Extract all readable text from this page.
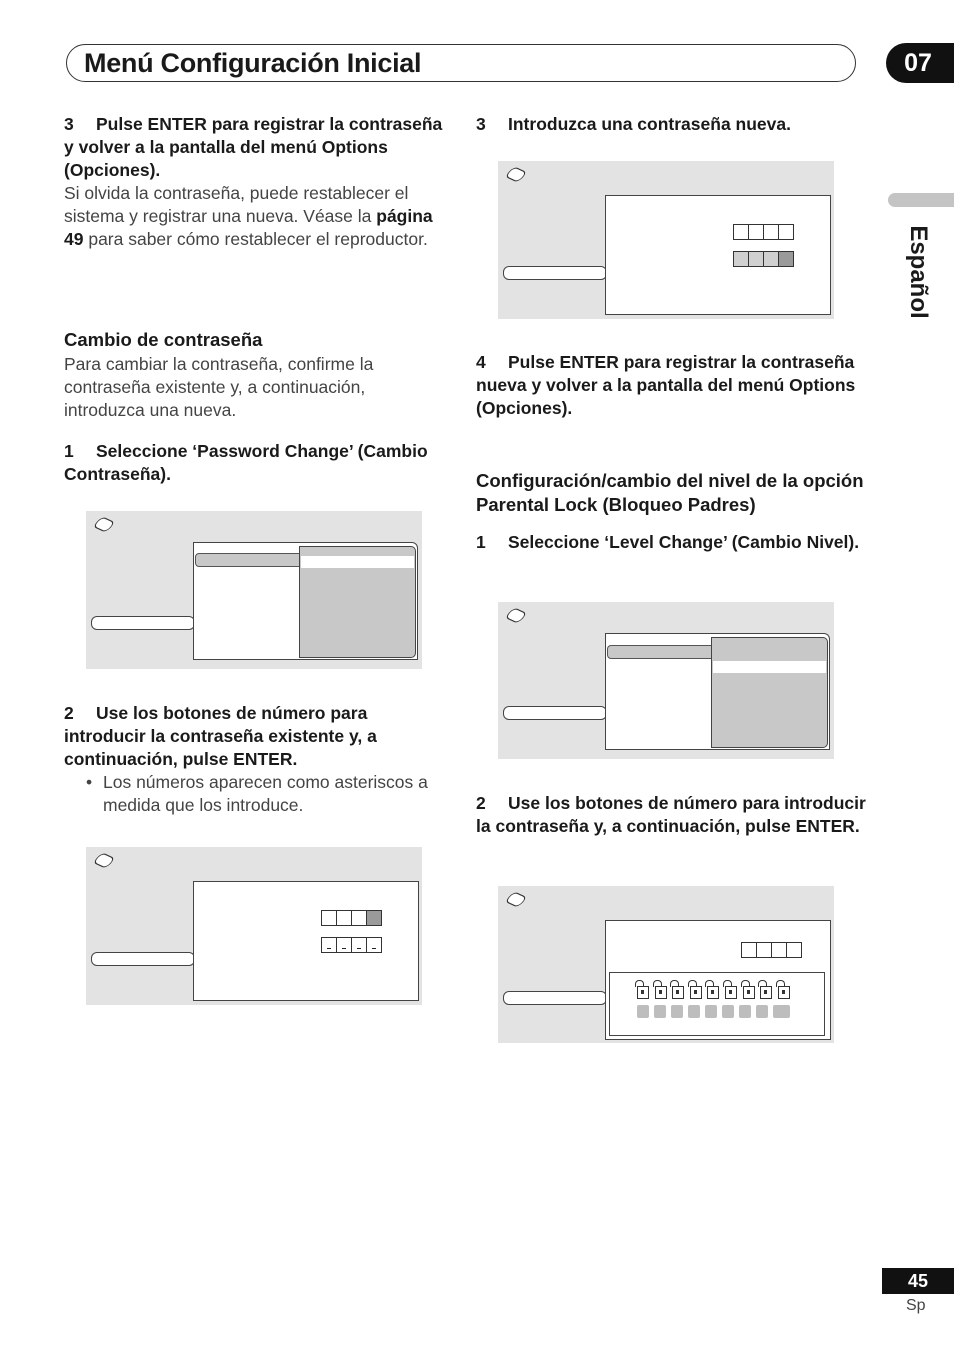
Menú Configuración Inicial	07
Español
3 Pulse ENTER para registrar la contraseña y volver a la pantalla del menú Options (Opciones).
Si olvida la contraseña, puede restablecer el sistema y registrar una nueva. Véase la página 49 para saber cómo restablecer el reproductor.
Cambio de contraseña
Para cambiar la contraseña, confirme la contraseña existente y, a continuación, introduzca una nueva.
1 Seleccione ‘Password Change’ (Cambio Contraseña).
2 Use los botones de número para introducir la contraseña existente y, a continuación, pulse ENTER.
• Los números aparecen como asteriscos a medida que los introduce.
3 Introduzca una contraseña nueva.
4 Pulse ENTER para registrar la contraseña nueva y volver a la pantalla del menú Options (Opciones).
Configuración/cambio del nivel de la opción Parental Lock (Bloqueo Padres)
1 Seleccione ‘Level Change’ (Cambio Nivel).
2 Use los botones de número para introducir la contraseña y, a continuación, pulse ENTER.
45
Sp
